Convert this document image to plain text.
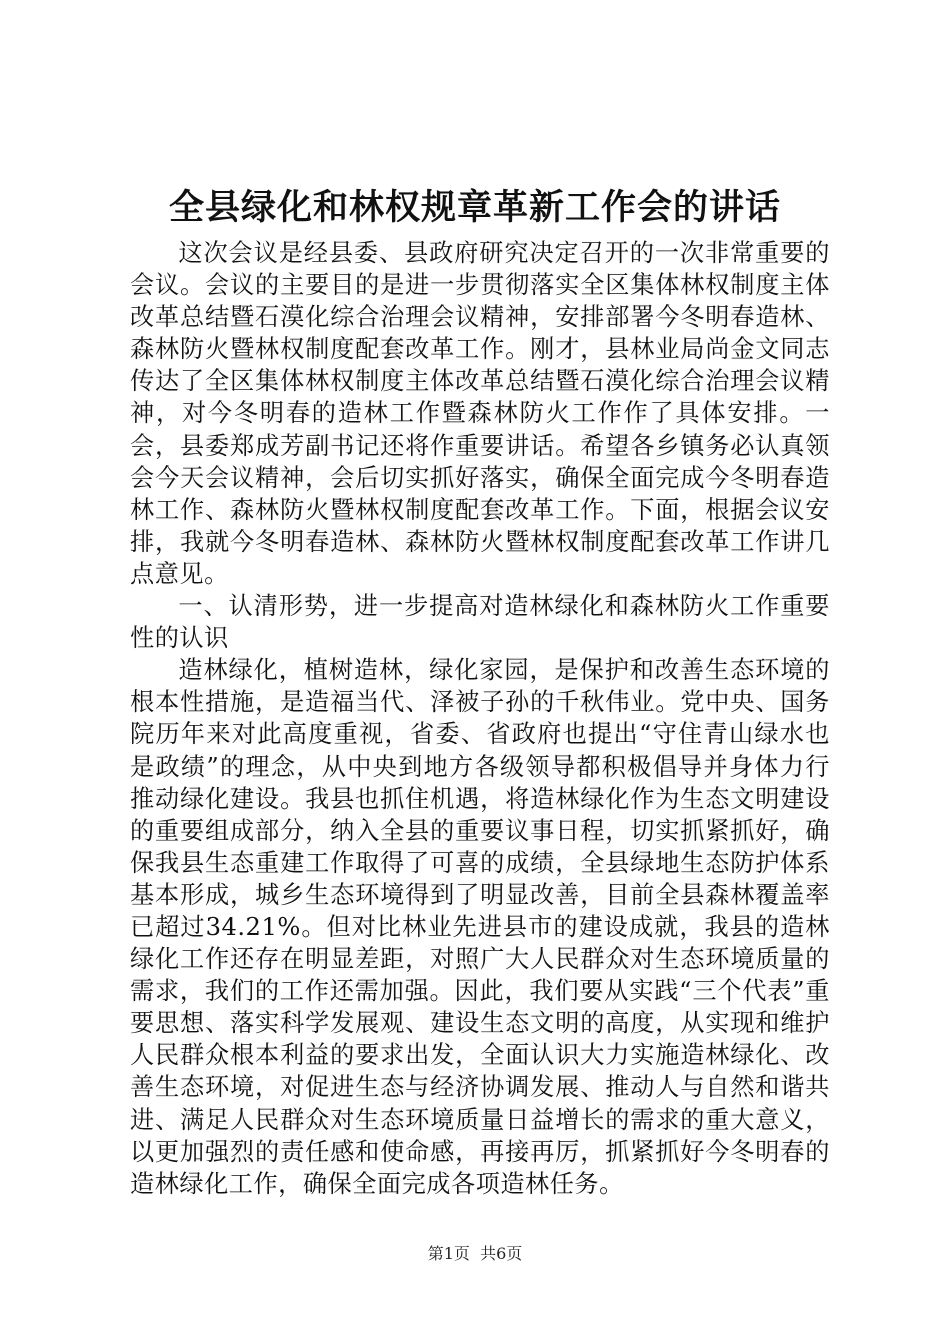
全县绿化和林权规章革新工作会的讲话

这次会议是经县委、县政府研究决定召开的一次非常重要的会议。会议的主要目的是进一步贯彻落实全区集体林权制度主体改革总结暨石漠化综合治理会议精神，安排部署今冬明春造林、森林防火暨林权制度配套改革工作。刚才，县林业局尚金文同志传达了全区集体林权制度主体改革总结暨石漠化综合治理会议精神，对今冬明春的造林工作暨森林防火工作作了具体安排。一会，县委郑成芳副书记还将作重要讲话。希望各乡镇务必认真领会今天会议精神，会后切实抓好落实，确保全面完成今冬明春造林工作、森林防火暨林权制度配套改革工作。下面，根据会议安排，我就今冬明春造林、森林防火暨林权制度配套改革工作讲几点意见。

一、认清形势，进一步提高对造林绿化和森林防火工作重要性的认识

造林绿化，植树造林，绿化家园，是保护和改善生态环境的根本性措施，是造福当代、泽被子孙的千秋伟业。党中央、国务院历年来对此高度重视，省委、省政府也提出“守住青山绿水也是政绩”的理念，从中央到地方各级领导都积极倡导并身体力行推动绿化建设。我县也抓住机遇，将造林绿化作为生态文明建设的重要组成部分，纳入全县的重要议事日程，切实抓紧抓好，确保我县生态重建工作取得了可喜的成绩，全县绿地生态防护体系基本形成，城乡生态环境得到了明显改善，目前全县森林覆盖率已超过34.21%。但对比林业先进县市的建设成就，我县的造林绿化工作还存在明显差距，对照广大人民群众对生态环境质量的需求，我们的工作还需加强。因此，我们要从实践“三个代表”重要思想、落实科学发展观、建设生态文明的高度，从实现和维护人民群众根本利益的要求出发，全面认识大力实施造林绿化、改善生态环境，对促进生态与经济协调发展、推动人与自然和谐共进、满足人民群众对生态环境质量日益增长的需求的重大意义，以更加强烈的责任感和使命感，再接再厉，抓紧抓好今冬明春的造林绿化工作，确保全面完成各项造林任务。

第1页 共6页
